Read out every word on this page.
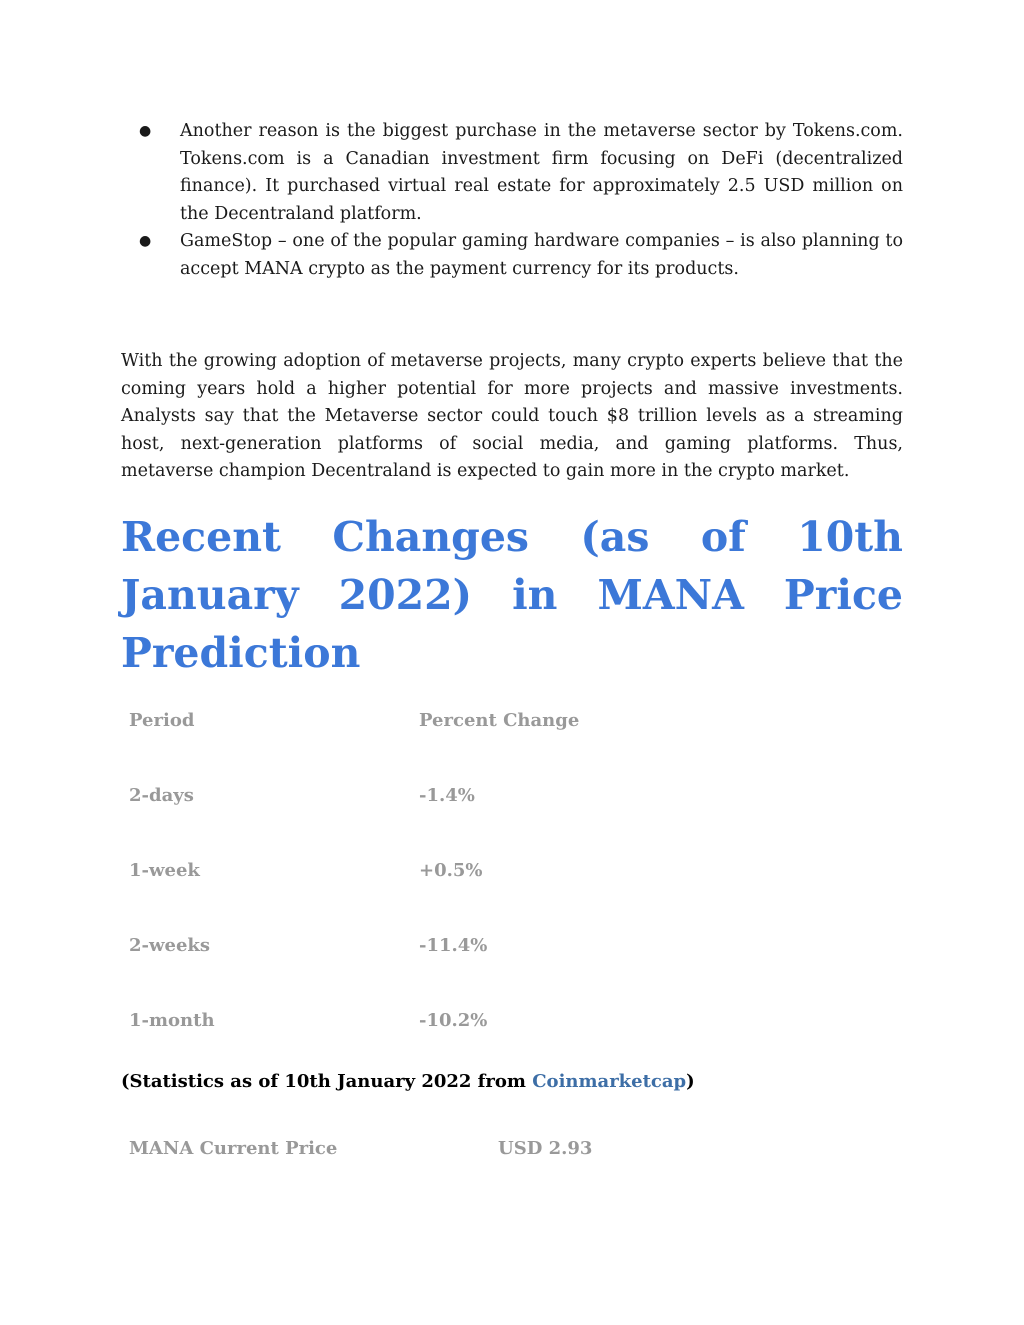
● Another reason is the biggest purchase in the metaverse sector by Tokens.com. Tokens.com is a Canadian investment firm focusing on DeFi (decentralized finance). It purchased virtual real estate for approximately 2.5 USD million on the Decentraland platform.
● GameStop – one of the popular gaming hardware companies – is also planning to accept MANA crypto as the payment currency for its products.

With the growing adoption of metaverse projects, many crypto experts believe that the coming years hold a higher potential for more projects and massive investments. Analysts say that the Metaverse sector could touch $8 trillion levels as a streaming host, next-generation platforms of social media, and gaming platforms. Thus, metaverse champion Decentraland is expected to gain more in the crypto market.

Recent Changes (as of 10th January 2022) in MANA Price Prediction
Period	Percent Change
2-days	-1.4%
1-week	+0.5%
2-weeks	-11.4%
1-month	-10.2%
(Statistics as of 10th January 2022 from Coinmarketcap)
MANA Current Price	USD 2.93
